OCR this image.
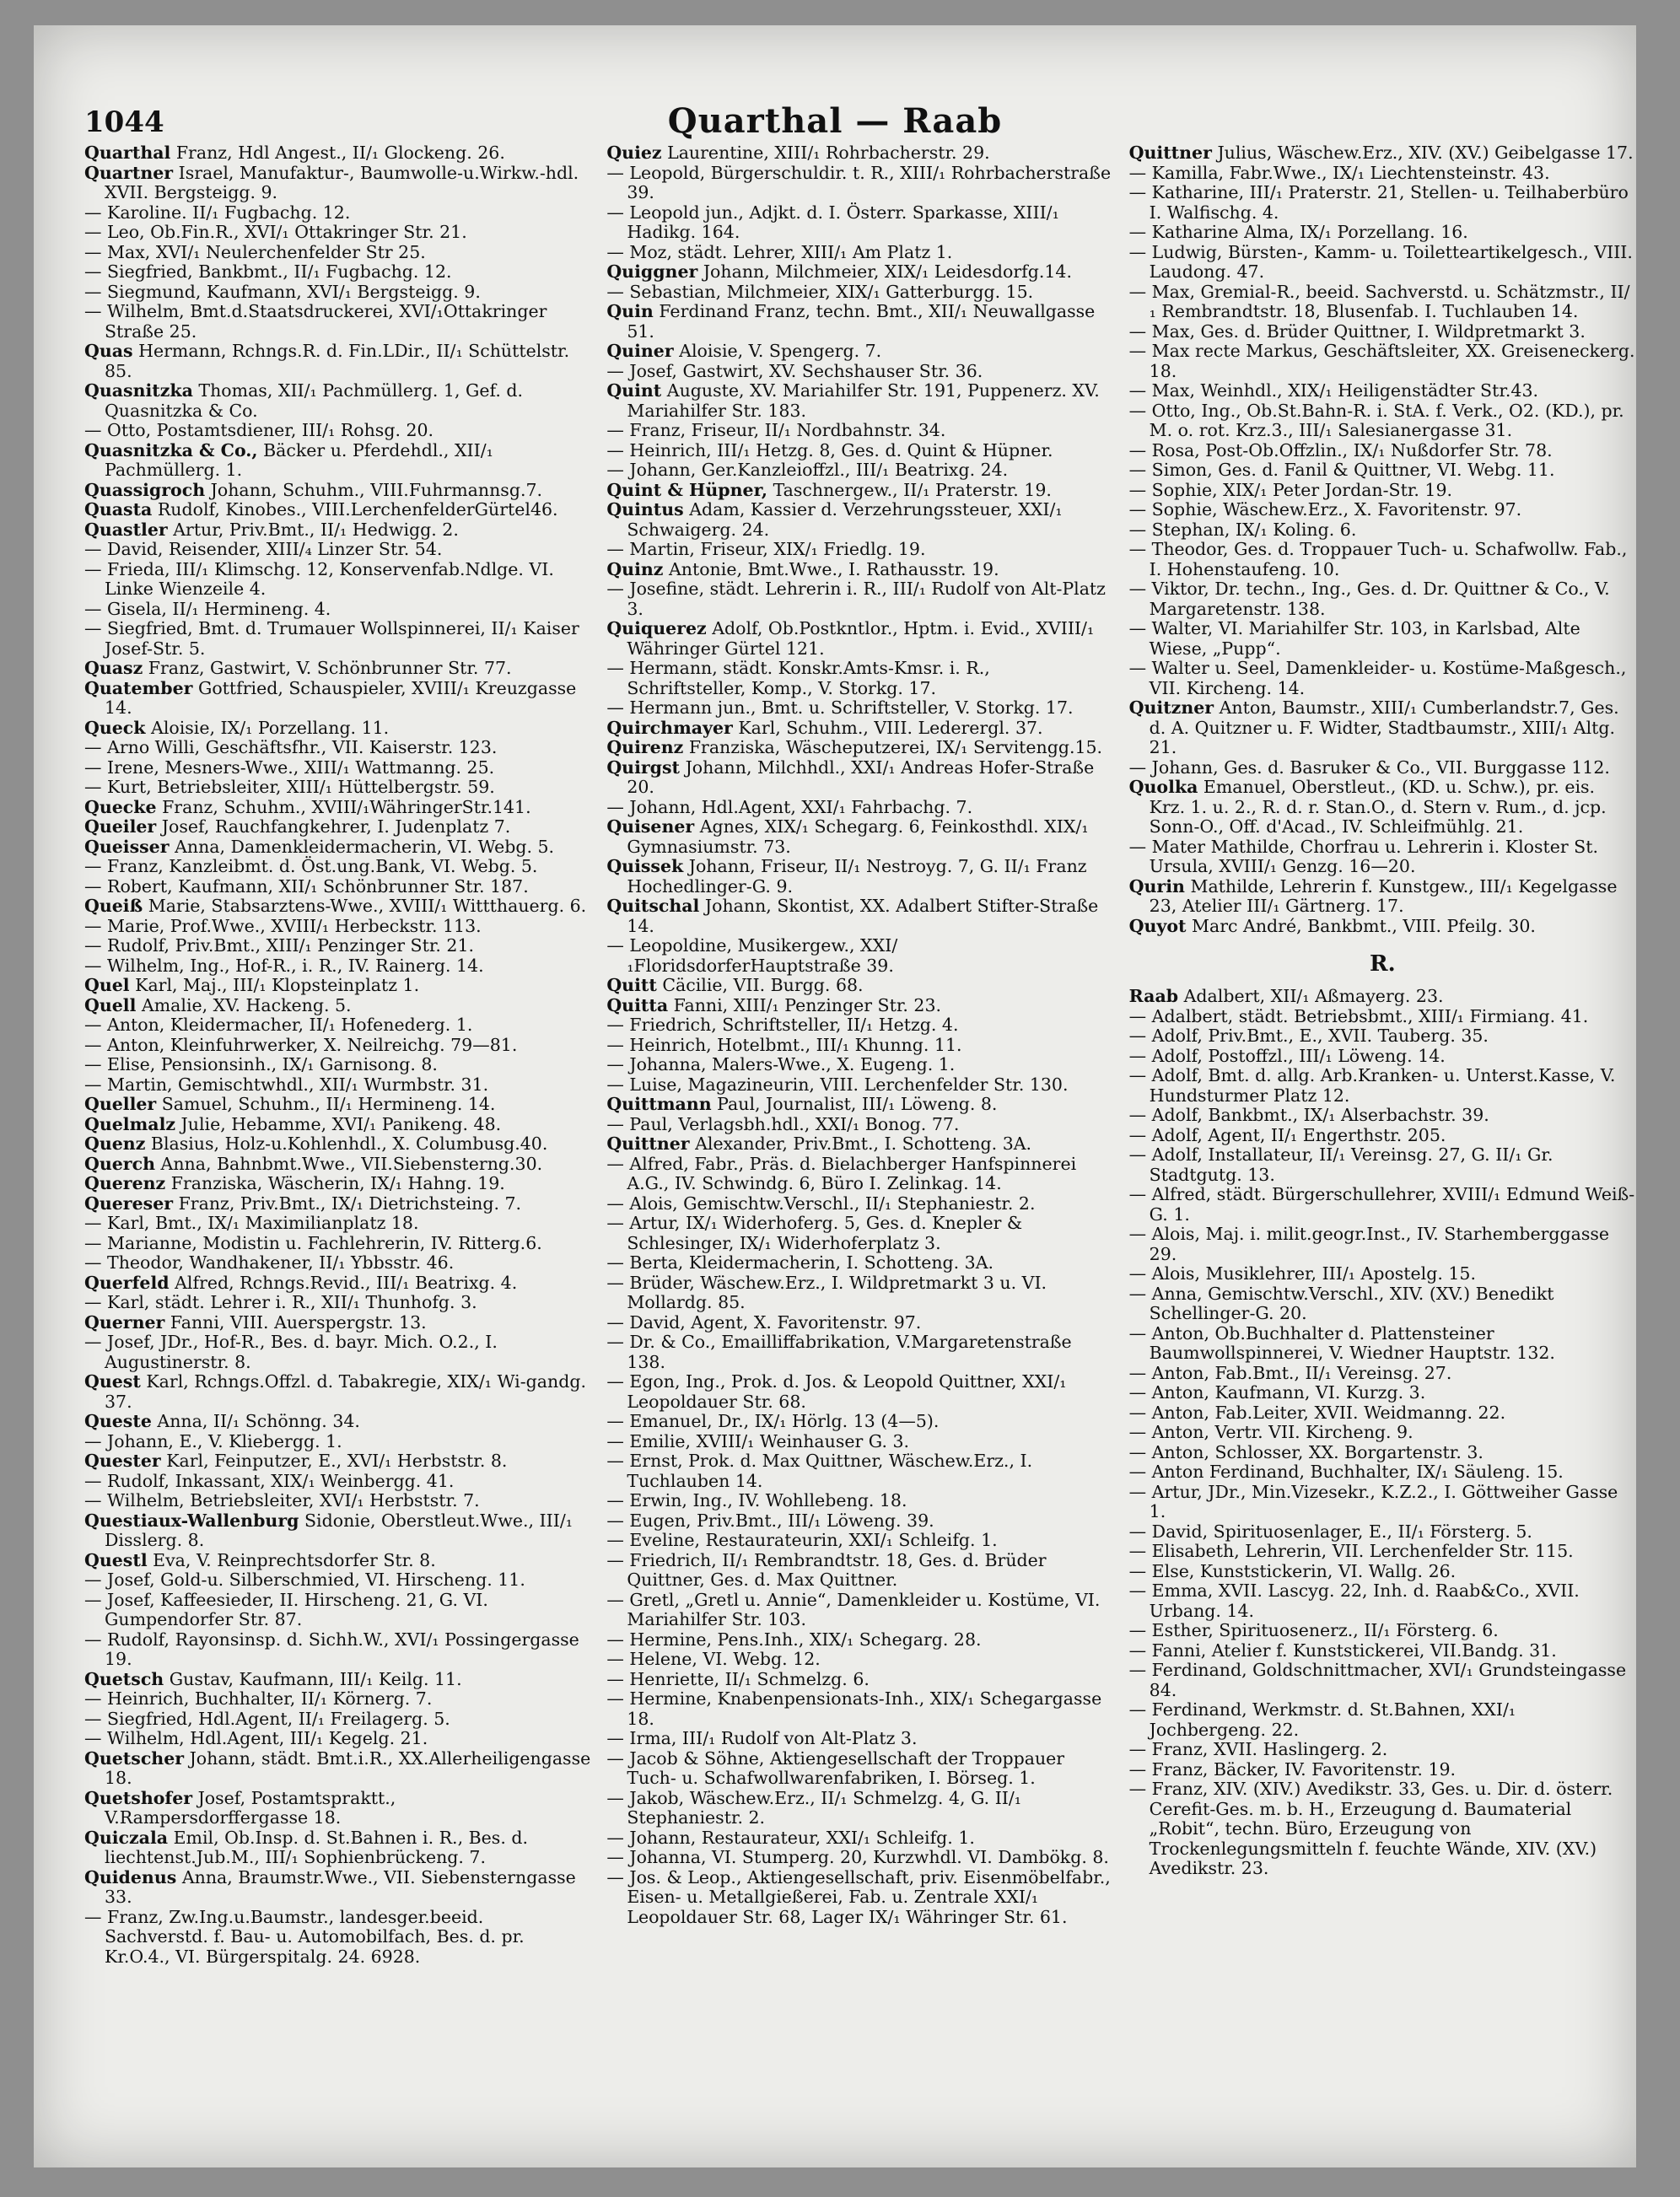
1044	Quarthal — Raab
Quarthal Franz, Hdl Angest., II/₁ Glockeng. 26.
Quartner Israel, Manufaktur-, Baumwolle-u.Wirkw.-hdl. XVII. Bergsteigg. 9.
— Karoline. II/₁ Fugbachg. 12.
— Leo, Ob.Fin.R., XVI/₁ Ottakringer Str. 21.
— Max, XVI/₁ Neulerchenfelder Str 25.
— Siegfried, Bankbmt., II/₁ Fugbachg. 12.
— Siegmund, Kaufmann, XVI/₁ Bergsteigg. 9.
— Wilhelm, Bmt.d.Staatsdruckerei, XVI/₁Ottakringer Straße 25.
Quas Hermann, Rchngs.R. d. Fin.LDir., II/₁ Schüttelstr. 85.
Quasnitzka Thomas, XII/₁ Pachmüllerg. 1, Gef. d. Quasnitzka & Co.
— Otto, Postamtsdiener, III/₁ Rohsg. 20.
Quasnitzka & Co., Bäcker u. Pferdehdl., XII/₁ Pachmüllerg. 1.
Quassigroch Johann, Schuhm., VIII.Fuhrmannsg.7.
Quasta Rudolf, Kinobes., VIII.LerchenfelderGürtel46.
Quastler Artur, Priv.Bmt., II/₁ Hedwigg. 2.
— David, Reisender, XIII/₄ Linzer Str. 54.
— Frieda, III/₁ Klimschg. 12, Konservenfab.Ndlge. VI. Linke Wienzeile 4.
— Gisela, II/₁ Hermineng. 4.
— Siegfried, Bmt. d. Trumauer Wollspinnerei, II/₁ Kaiser Josef-Str. 5.
Quasz Franz, Gastwirt, V. Schönbrunner Str. 77.
Quatember Gottfried, Schauspieler, XVIII/₁ Kreuzgasse 14.
Queck Aloisie, IX/₁ Porzellang. 11.
— Arno Willi, Geschäftsfhr., VII. Kaiserstr. 123.
— Irene, Mesners-Wwe., XIII/₁ Wattmanng. 25.
— Kurt, Betriebsleiter, XIII/₁ Hüttelbergstr. 59.
Quecke Franz, Schuhm., XVIII/₁WähringerStr.141.
Queiler Josef, Rauchfangkehrer, I. Judenplatz 7.
Queisser Anna, Damenkleidermacherin, VI. Webg. 5.
— Franz, Kanzleibmt. d. Öst.ung.Bank, VI. Webg. 5.
— Robert, Kaufmann, XII/₁ Schönbrunner Str. 187.
Queiß Marie, Stabsarztens-Wwe., XVIII/₁ Wittthauerg. 6.
— Marie, Prof.Wwe., XVIII/₁ Herbeckstr. 113.
— Rudolf, Priv.Bmt., XIII/₁ Penzinger Str. 21.
— Wilhelm, Ing., Hof-R., i. R., IV. Rainerg. 14.
Quel Karl, Maj., III/₁ Klopsteinplatz 1.
Quell Amalie, XV. Hackeng. 5.
— Anton, Kleidermacher, II/₁ Hofenederg. 1.
— Anton, Kleinfuhrwerker, X. Neilreichg. 79—81.
— Elise, Pensionsinh., IX/₁ Garnisong. 8.
— Martin, Gemischtwhdl., XII/₁ Wurmbstr. 31.
Queller Samuel, Schuhm., II/₁ Hermineng. 14.
Quelmalz Julie, Hebamme, XVI/₁ Panikeng. 48.
Quenz Blasius, Holz-u.Kohlenhdl., X. Columbusg.40.
Querch Anna, Bahnbmt.Wwe., VII.Siebensterng.30.
Querenz Franziska, Wäscherin, IX/₁ Hahng. 19.
Quereser Franz, Priv.Bmt., IX/₁ Dietrichsteing. 7.
— Karl, Bmt., IX/₁ Maximilianplatz 18.
— Marianne, Modistin u. Fachlehrerin, IV. Ritterg.6.
— Theodor, Wandhakener, II/₁ Ybbsstr. 46.
Querfeld Alfred, Rchngs.Revid., III/₁ Beatrixg. 4.
— Karl, städt. Lehrer i. R., XII/₁ Thunhofg. 3.
Querner Fanni, VIII. Auerspergstr. 13.
— Josef, JDr., Hof-R., Bes. d. bayr. Mich. O.2., I. Augustinerstr. 8.
Quest Karl, Rchngs.Offzl. d. Tabakregie, XIX/₁ Wi-gandg. 37.
Queste Anna, II/₁ Schönng. 34.
— Johann, E., V. Kliebergg. 1.
Quester Karl, Feinputzer, E., XVI/₁ Herbststr. 8.
— Rudolf, Inkassant, XIX/₁ Weinbergg. 41.
— Wilhelm, Betriebsleiter, XVI/₁ Herbststr. 7.
Questiaux-Wallenburg Sidonie, Oberstleut.Wwe., III/₁ Disslerg. 8.
Questl Eva, V. Reinprechtsdorfer Str. 8.
— Josef, Gold-u. Silberschmied, VI. Hirscheng. 11.
— Josef, Kaffeesieder, II. Hirscheng. 21, G. VI. Gumpendorfer Str. 87.
— Rudolf, Rayonsinsp. d. Sichh.W., XVI/₁ Possingergasse 19.
Quetsch Gustav, Kaufmann, III/₁ Keilg. 11.
— Heinrich, Buchhalter, II/₁ Körnerg. 7.
— Siegfried, Hdl.Agent, II/₁ Freilagerg. 5.
— Wilhelm, Hdl.Agent, III/₁ Kegelg. 21.
Quetscher Johann, städt. Bmt.i.R., XX.Allerheiligengasse 18.
Quetshofer Josef, Postamtspraktt., V.Rampersdorffergasse 18.
Quiczala Emil, Ob.Insp. d. St.Bahnen i. R., Bes. d. liechtenst.Jub.M., III/₁ Sophienbrückeng. 7.
Quidenus Anna, Braumstr.Wwe., VII. Siebensterngasse 33.
— Franz, Zw.Ing.u.Baumstr., landesger.beeid. Sachverstd. f. Bau- u. Automobilfach, Bes. d. pr. Kr.O.4., VI. Bürgerspitalg. 24. 6928.
Quiez Laurentine, XIII/₁ Rohrbacherstr. 29.
— Leopold, Bürgerschuldir. t. R., XIII/₁ Rohrbacherstraße 39.
— Leopold jun., Adjkt. d. I. Österr. Sparkasse, XIII/₁ Hadikg. 164.
— Moz, städt. Lehrer, XIII/₁ Am Platz 1.
Quiggner Johann, Milchmeier, XIX/₁ Leidesdorfg.14.
— Sebastian, Milchmeier, XIX/₁ Gatterburgg. 15.
Quin Ferdinand Franz, techn. Bmt., XII/₁ Neuwallgasse 51.
Quiner Aloisie, V. Spengerg. 7.
— Josef, Gastwirt, XV. Sechshauser Str. 36.
Quint Auguste, XV. Mariahilfer Str. 191, Puppenerz. XV. Mariahilfer Str. 183.
— Franz, Friseur, II/₁ Nordbahnstr. 34.
— Heinrich, III/₁ Hetzg. 8, Ges. d. Quint & Hüpner.
— Johann, Ger.Kanzleioffzl., III/₁ Beatrixg. 24.
Quint & Hüpner, Taschnergew., II/₁ Praterstr. 19.
Quintus Adam, Kassier d. Verzehrungssteuer, XXI/₁ Schwaigerg. 24.
— Martin, Friseur, XIX/₁ Friedlg. 19.
Quinz Antonie, Bmt.Wwe., I. Rathausstr. 19.
— Josefine, städt. Lehrerin i. R., III/₁ Rudolf von Alt-Platz 3.
Quiquerez Adolf, Ob.Postkntlor., Hptm. i. Evid., XVIII/₁ Währinger Gürtel 121.
— Hermann, städt. Konskr.Amts-Kmsr. i. R., Schriftsteller, Komp., V. Storkg. 17.
— Hermann jun., Bmt. u. Schriftsteller, V. Storkg. 17.
Quirchmayer Karl, Schuhm., VIII. Lederergl. 37.
Quirenz Franziska, Wäscheputzerei, IX/₁ Servitengg.15.
Quirgst Johann, Milchhdl., XXI/₁ Andreas Hofer-Straße 20.
— Johann, Hdl.Agent, XXI/₁ Fahrbachg. 7.
Quisener Agnes, XIX/₁ Schegarg. 6, Feinkosthdl. XIX/₁ Gymnasiumstr. 73.
Quissek Johann, Friseur, II/₁ Nestroyg. 7, G. II/₁ Franz Hochedlinger-G. 9.
Quitschal Johann, Skontist, XX. Adalbert Stifter-Straße 14.
— Leopoldine, Musikergew., XXI/₁FloridsdorferHauptstraße 39.
Quitt Cäcilie, VII. Burgg. 68.
Quitta Fanni, XIII/₁ Penzinger Str. 23.
— Friedrich, Schriftsteller, II/₁ Hetzg. 4.
— Heinrich, Hotelbmt., III/₁ Khunng. 11.
— Johanna, Malers-Wwe., X. Eugeng. 1.
— Luise, Magazineurin, VIII. Lerchenfelder Str. 130.
Quittmann Paul, Journalist, III/₁ Löweng. 8.
— Paul, Verlagsbh.hdl., XXI/₁ Bonog. 77.
Quittner Alexander, Priv.Bmt., I. Schotteng. 3A.
— Alfred, Fabr., Präs. d. Bielachberger Hanfspinnerei A.G., IV. Schwindg. 6, Büro I. Zelinkag. 14.
— Alois, Gemischtw.Verschl., II/₁ Stephaniestr. 2.
— Artur, IX/₁ Widerhoferg. 5, Ges. d. Knepler & Schlesinger, IX/₁ Widerhoferplatz 3.
— Berta, Kleidermacherin, I. Schotteng. 3A.
— Brüder, Wäschew.Erz., I. Wildpretmarkt 3 u. VI. Mollardg. 85.
— David, Agent, X. Favoritenstr. 97.
— Dr. & Co., Emailliffabrikation, V.Margaretenstraße 138.
— Egon, Ing., Prok. d. Jos. & Leopold Quittner, XXI/₁ Leopoldauer Str. 68.
— Emanuel, Dr., IX/₁ Hörlg. 13 (4—5).
— Emilie, XVIII/₁ Weinhauser G. 3.
— Ernst, Prok. d. Max Quittner, Wäschew.Erz., I. Tuchlauben 14.
— Erwin, Ing., IV. Wohllebeng. 18.
— Eugen, Priv.Bmt., III/₁ Löweng. 39.
— Eveline, Restaurateurin, XXI/₁ Schleifg. 1.
— Friedrich, II/₁ Rembrandtstr. 18, Ges. d. Brüder Quittner, Ges. d. Max Quittner.
— Gretl, „Gretl u. Annie“, Damenkleider u. Kostüme, VI. Mariahilfer Str. 103.
— Hermine, Pens.Inh., XIX/₁ Schegarg. 28.
— Helene, VI. Webg. 12.
— Henriette, II/₁ Schmelzg. 6.
— Hermine, Knabenpensionats-Inh., XIX/₁ Schegargasse 18.
— Irma, III/₁ Rudolf von Alt-Platz 3.
— Jacob & Söhne, Aktiengesellschaft der Troppauer Tuch- u. Schafwollwarenfabriken, I. Börseg. 1.
— Jakob, Wäschew.Erz., II/₁ Schmelzg. 4, G. II/₁ Stephaniestr. 2.
— Johann, Restaurateur, XXI/₁ Schleifg. 1.
— Johanna, VI. Stumperg. 20, Kurzwhdl. VI. Dambökg. 8.
— Jos. & Leop., Aktiengesellschaft, priv. Eisenmöbelfabr., Eisen- u. Metallgießerei, Fab. u. Zentrale XXI/₁ Leopoldauer Str. 68, Lager IX/₁ Währinger Str. 61.
Quittner Julius, Wäschew.Erz., XIV. (XV.) Geibelgasse 17.
— Kamilla, Fabr.Wwe., IX/₁ Liechtensteinstr. 43.
— Katharine, III/₁ Praterstr. 21, Stellen- u. Teilhaberbüro I. Walfischg. 4.
— Katharine Alma, IX/₁ Porzellang. 16.
— Ludwig, Bürsten-, Kamm- u. Toiletteartikelgesch., VIII. Laudong. 47.
— Max, Gremial-R., beeid. Sachverstd. u. Schätzmstr., II/₁ Rembrandtstr. 18, Blusenfab. I. Tuchlauben 14.
— Max, Ges. d. Brüder Quittner, I. Wildpretmarkt 3.
— Max recte Markus, Geschäftsleiter, XX. Greiseneckerg. 18.
— Max, Weinhdl., XIX/₁ Heiligenstädter Str.43.
— Otto, Ing., Ob.St.Bahn-R. i. StA. f. Verk., O2. (KD.), pr. M. o. rot. Krz.3., III/₁ Salesianergasse 31.
— Rosa, Post-Ob.Offzlin., IX/₁ Nußdorfer Str. 78.
— Simon, Ges. d. Fanil & Quittner, VI. Webg. 11.
— Sophie, XIX/₁ Peter Jordan-Str. 19.
— Sophie, Wäschew.Erz., X. Favoritenstr. 97.
— Stephan, IX/₁ Koling. 6.
— Theodor, Ges. d. Troppauer Tuch- u. Schafwollw. Fab., I. Hohenstaufeng. 10.
— Viktor, Dr. techn., Ing., Ges. d. Dr. Quittner & Co., V. Margaretenstr. 138.
— Walter, VI. Mariahilfer Str. 103, in Karlsbad, Alte Wiese, „Pupp“.
— Walter u. Seel, Damenkleider- u. Kostüme-Maßgesch., VII. Kircheng. 14.
Quitzner Anton, Baumstr., XIII/₁ Cumberlandstr.7, Ges. d. A. Quitzner u. F. Widter, Stadtbaumstr., XIII/₁ Altg. 21.
— Johann, Ges. d. Basruker & Co., VII. Burggasse 112.
Quolka Emanuel, Oberstleut., (KD. u. Schw.), pr. eis. Krz. 1. u. 2., R. d. r. Stan.O., d. Stern v. Rum., d. jcp. Sonn-O., Off. d'Acad., IV. Schleifmühlg. 21.
— Mater Mathilde, Chorfrau u. Lehrerin i. Kloster St. Ursula, XVIII/₁ Genzg. 16—20.
Qurin Mathilde, Lehrerin f. Kunstgew., III/₁ Kegelgasse 23, Atelier III/₁ Gärtnerg. 17.
Quyot Marc André, Bankbmt., VIII. Pfeilg. 30.
R.
Raab Adalbert, XII/₁ Aßmayerg. 23.
— Adalbert, städt. Betriebsbmt., XIII/₁ Firmiang. 41.
— Adolf, Priv.Bmt., E., XVII. Tauberg. 35.
— Adolf, Postoffzl., III/₁ Löweng. 14.
— Adolf, Bmt. d. allg. Arb.Kranken- u. Unterst.Kasse, V. Hundsturmer Platz 12.
— Adolf, Bankbmt., IX/₁ Alserbachstr. 39.
— Adolf, Agent, II/₁ Engerthstr. 205.
— Adolf, Installateur, II/₁ Vereinsg. 27, G. II/₁ Gr. Stadtgutg. 13.
— Alfred, städt. Bürgerschullehrer, XVIII/₁ Edmund Weiß-G. 1.
— Alois, Maj. i. milit.geogr.Inst., IV. Starhemberggasse 29.
— Alois, Musiklehrer, III/₁ Apostelg. 15.
— Anna, Gemischtw.Verschl., XIV. (XV.) Benedikt Schellinger-G. 20.
— Anton, Ob.Buchhalter d. Plattensteiner Baumwollspinnerei, V. Wiedner Hauptstr. 132.
— Anton, Fab.Bmt., II/₁ Vereinsg. 27.
— Anton, Kaufmann, VI. Kurzg. 3.
— Anton, Fab.Leiter, XVII. Weidmanng. 22.
— Anton, Vertr. VII. Kircheng. 9.
— Anton, Schlosser, XX. Borgartenstr. 3.
— Anton Ferdinand, Buchhalter, IX/₁ Säuleng. 15.
— Artur, JDr., Min.Vizesekr., K.Z.2., I. Göttweiher Gasse 1.
— David, Spirituosenlager, E., II/₁ Försterg. 5.
— Elisabeth, Lehrerin, VII. Lerchenfelder Str. 115.
— Else, Kunststickerin, VI. Wallg. 26.
— Emma, XVII. Lascyg. 22, Inh. d. Raab&Co., XVII. Urbang. 14.
— Esther, Spirituosenerz., II/₁ Försterg. 6.
— Fanni, Atelier f. Kunststickerei, VII.Bandg. 31.
— Ferdinand, Goldschnittmacher, XVI/₁ Grundsteingasse 84.
— Ferdinand, Werkmstr. d. St.Bahnen, XXI/₁ Jochbergeng. 22.
— Franz, XVII. Haslingerg. 2.
— Franz, Bäcker, IV. Favoritenstr. 19.
— Franz, XIV. (XIV.) Avedikstr. 33, Ges. u. Dir. d. österr. Cerefit-Ges. m. b. H., Erzeugung d. Baumaterial „Robit“, techn. Büro, Erzeugung von Trockenlegungsmitteln f. feuchte Wände, XIV. (XV.) Avedikstr. 23.
